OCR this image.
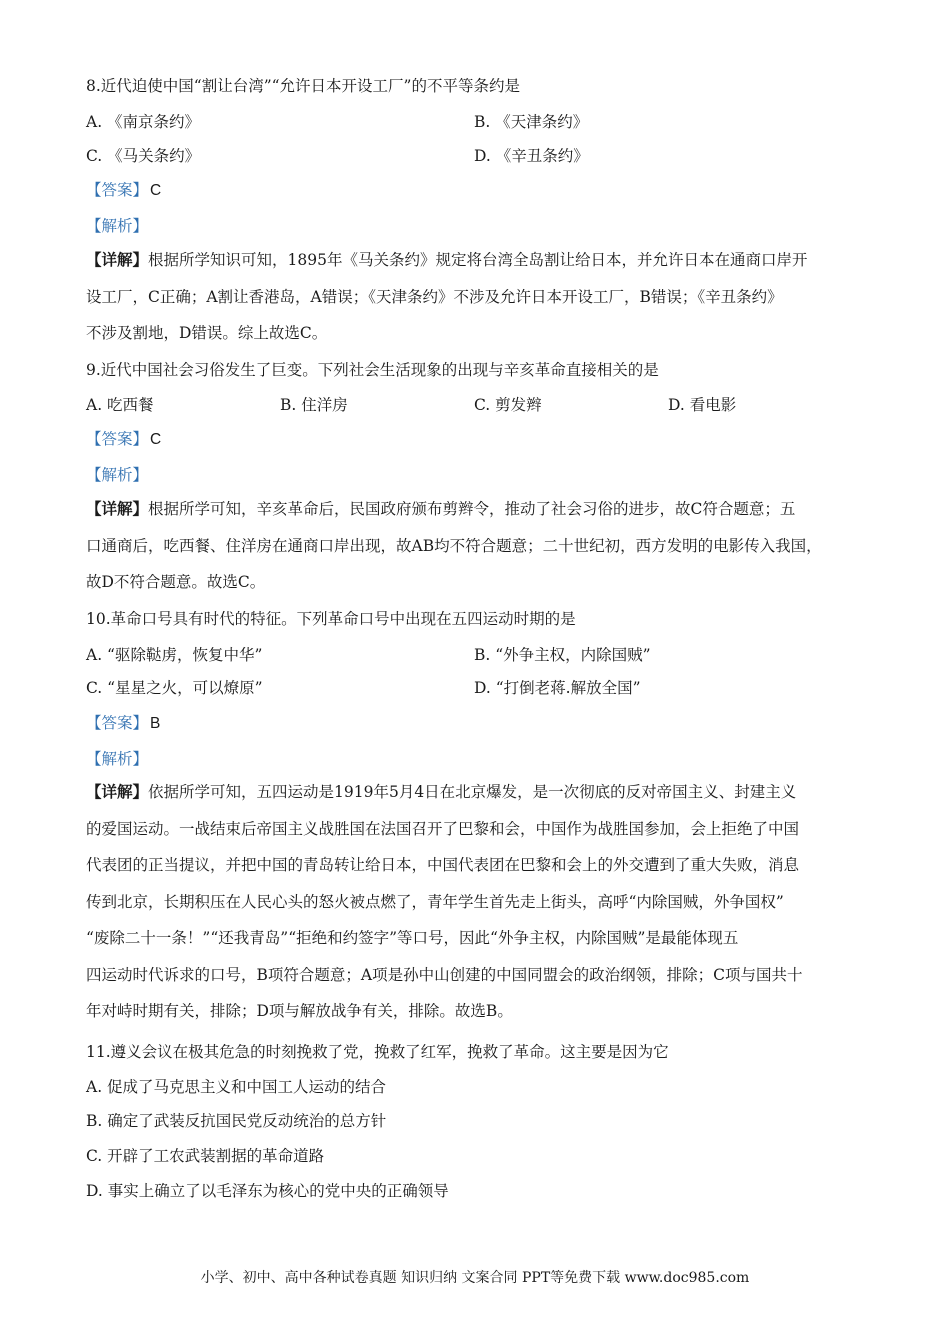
8.近代迫使中国“割让台湾”“允许日本开设工厂”的不平等条约是
A. 《南京条约》	B. 《天津条约》
C. 《马关条约》	D. 《辛丑条约》
【答案】 C
【解析】
【详解】根据所学知识可知，1895年《马关条约》规定将台湾全岛割让给日本，并允许日本在通商口岸开
设工厂，C正确；A割让香港岛，A错误；《天津条约》不涉及允许日本开设工厂，B错误；《辛丑条约》
不涉及割地，D错误。综上故选C。
9.近代中国社会习俗发生了巨变。下列社会生活现象的出现与辛亥革命直接相关的是
A. 吃西餐	B. 住洋房	C. 剪发辫	D. 看电影
【答案】 C
【解析】
【详解】根据所学可知，辛亥革命后，民国政府颁布剪辫令，推动了社会习俗的进步，故C符合题意；五
口通商后，吃西餐、住洋房在通商口岸出现，故AB均不符合题意；二十世纪初，西方发明的电影传入我国，
故D不符合题意。故选C。
10.革命口号具有时代的特征。下列革命口号中出现在五四运动时期的是
A. “驱除鞑虏，恢复中华”	B. “外争主权，内除国贼”
C. “星星之火，可以燎原”	D. “打倒老蒋.解放全国”
【答案】 B
【解析】
【详解】依据所学可知，五四运动是1919年5月4日在北京爆发，是一次彻底的反对帝国主义、封建主义
的爱国运动。一战结束后帝国主义战胜国在法国召开了巴黎和会，中国作为战胜国参加，会上拒绝了中国
代表团的正当提议，并把中国的青岛转让给日本，中国代表团在巴黎和会上的外交遭到了重大失败，消息
传到北京，长期积压在人民心头的怒火被点燃了，青年学生首先走上街头，高呼“内除国贼，外争国权”
“废除二十一条！”“还我青岛”“拒绝和约签字”等口号，因此“外争主权，内除国贼”是最能体现五
四运动时代诉求的口号，B项符合题意；A项是孙中山创建的中国同盟会的政治纲领，排除；C项与国共十
年对峙时期有关，排除；D项与解放战争有关，排除。故选B。
11.遵义会议在极其危急的时刻挽救了党，挽救了红军，挽救了革命。这主要是因为它
A. 促成了马克思主义和中国工人运动的结合
B. 确定了武装反抗国民党反动统治的总方针
C. 开辟了工农武装割据的革命道路
D. 事实上确立了以毛泽东为核心的党中央的正确领导
小学、初中、高中各种试卷真题 知识归纳 文案合同 PPT等免费下载 www.doc985.com
